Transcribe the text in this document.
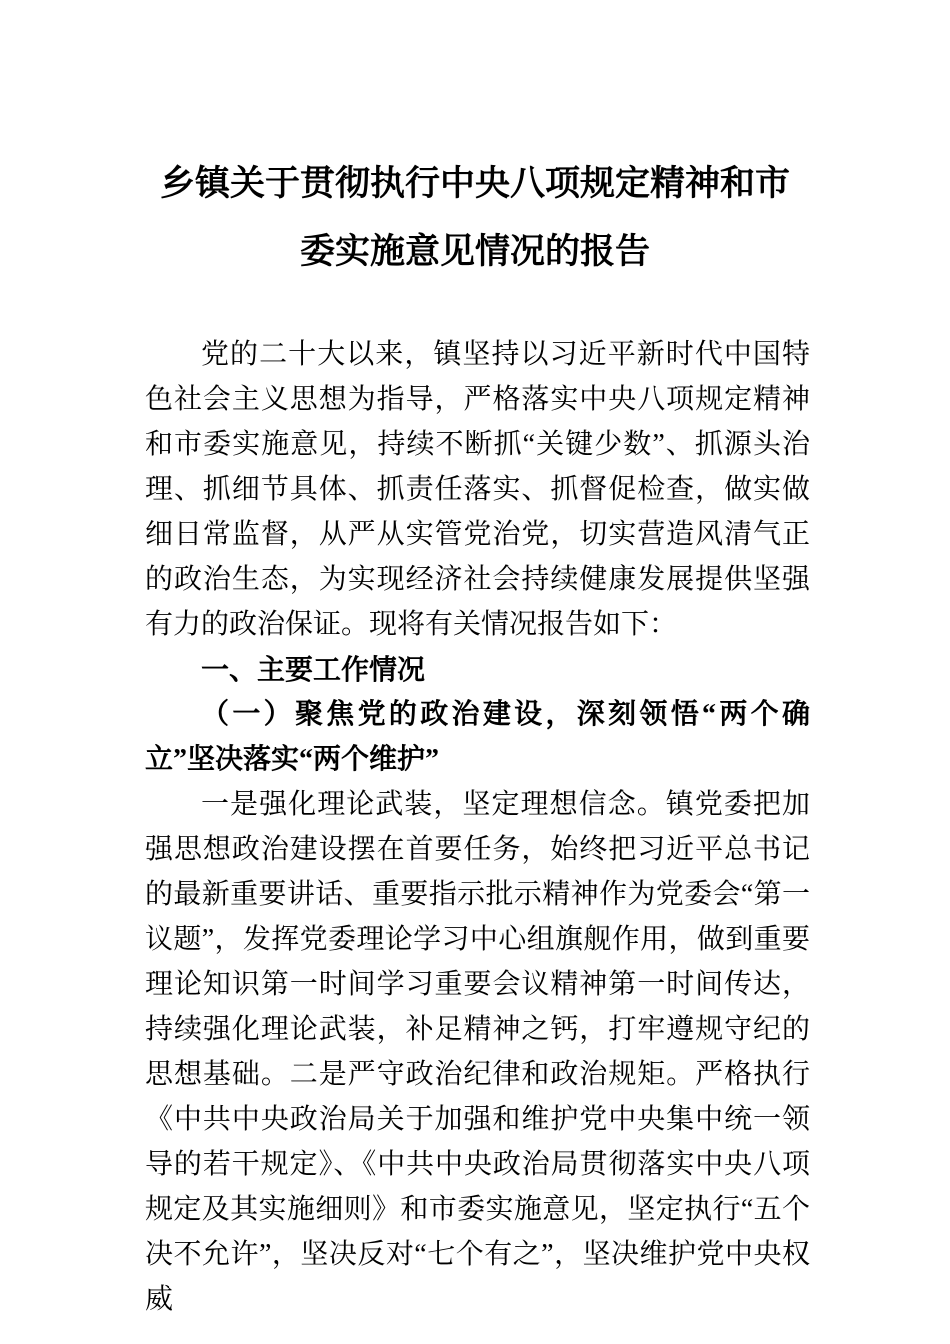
乡镇关于贯彻执行中央八项规定精神和市
委实施意见情况的报告

党的二十大以来，镇坚持以习近平新时代中国特色社会主义思想为指导，严格落实中央八项规定精神和市委实施意见，持续不断抓“关键少数”、抓源头治理、抓细节具体、抓责任落实、抓督促检查，做实做细日常监督，从严从实管党治党，切实营造风清气正的政治生态，为实现经济社会持续健康发展提供坚强有力的政治保证。现将有关情况报告如下：

一、主要工作情况
（一）聚焦党的政治建设，深刻领悟“两个确立”坚决落实“两个维护”

一是强化理论武装，坚定理想信念。镇党委把加强思想政治建设摆在首要任务，始终把习近平总书记的最新重要讲话、重要指示批示精神作为党委会“第一议题”，发挥党委理论学习中心组旗舰作用，做到重要理论知识第一时间学习重要会议精神第一时间传达，持续强化理论武装，补足精神之钙，打牢遵规守纪的思想基础。二是严守政治纪律和政治规矩。严格执行《中共中央政治局关于加强和维护党中央集中统一领导的若干规定》、《中共中央政治局贯彻落实中央八项规定及其实施细则》和市委实施意见，坚定执行“五个决不允许”，坚决反对“七个有之”，坚决维护党中央权威
